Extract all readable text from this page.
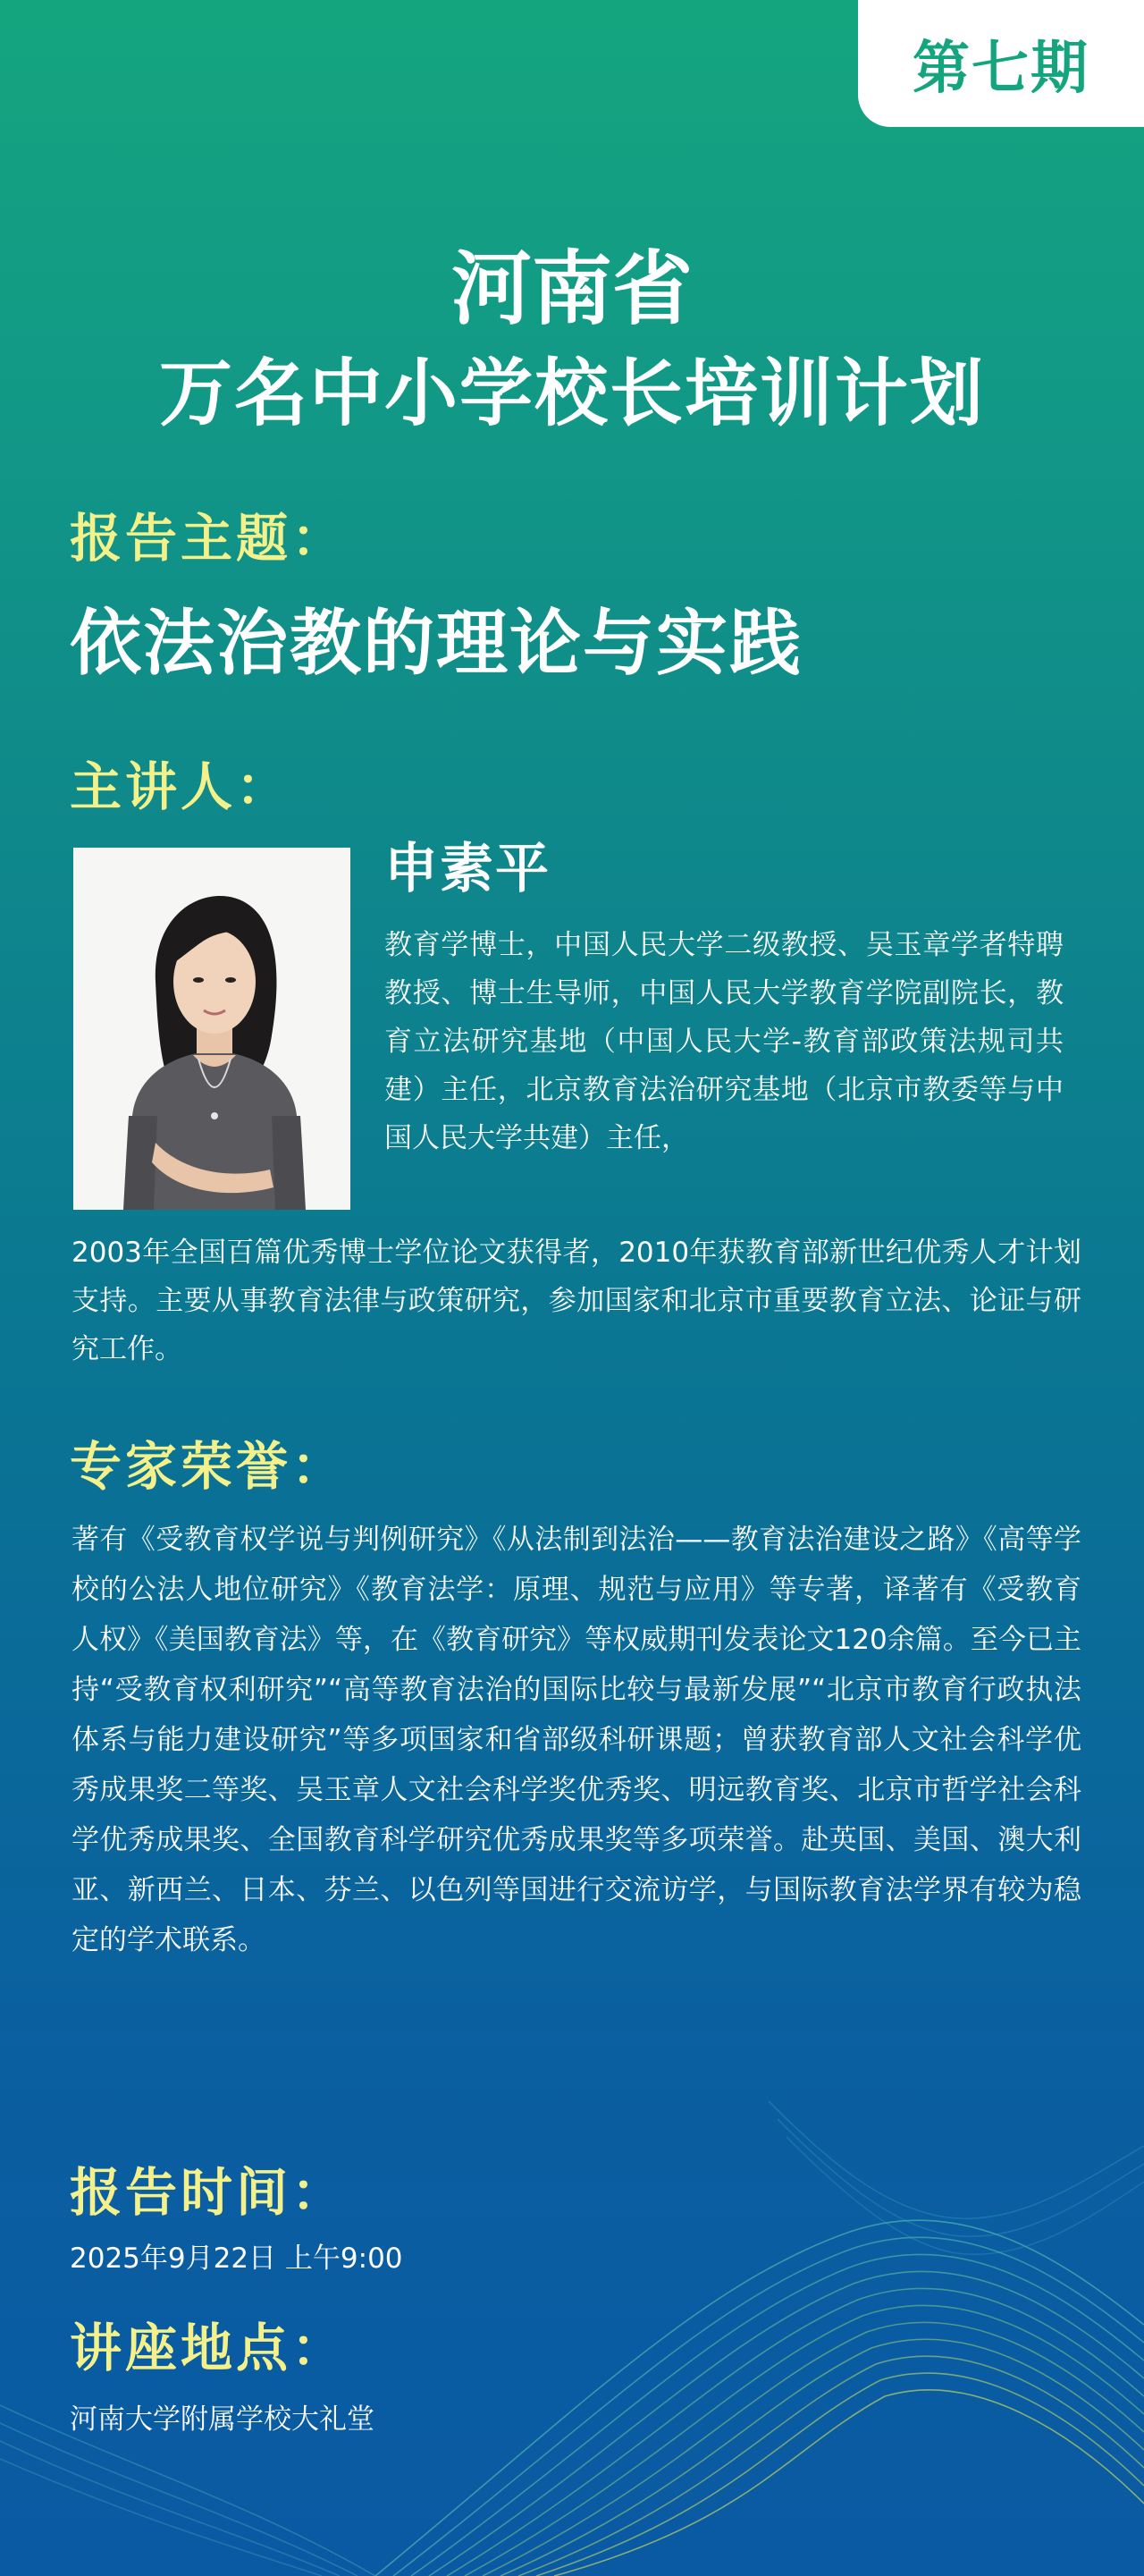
第七期
河南省
万名中小学校长培训计划
报告主题：
依法治教的理论与实践
主讲人：
申素平
教育学博士，中国人民大学二级教授、吴玉章学者特聘教授、博士生导师，中国人民大学教育学院副院长，教育立法研究基地（中国人民大学-教育部政策法规司共建）主任，北京教育法治研究基地（北京市教委等与中国人民大学共建）主任，
2003年全国百篇优秀博士学位论文获得者，2010年获教育部新世纪优秀人才计划支持。主要从事教育法律与政策研究，参加国家和北京市重要教育立法、论证与研究工作。
专家荣誉：
著有《受教育权学说与判例研究》《从法制到法治——教育法治建设之路》《高等学校的公法人地位研究》《教育法学：原理、规范与应用》等专著，译著有《受教育人权》《美国教育法》等，在《教育研究》等权威期刊发表论文120余篇。至今已主持“受教育权利研究”“高等教育法治的国际比较与最新发展”“北京市教育行政执法体系与能力建设研究”等多项国家和省部级科研课题；曾获教育部人文社会科学优秀成果奖二等奖、吴玉章人文社会科学奖优秀奖、明远教育奖、北京市哲学社会科学优秀成果奖、全国教育科学研究优秀成果奖等多项荣誉。赴英国、美国、澳大利亚、新西兰、日本、芬兰、以色列等国进行交流访学，与国际教育法学界有较为稳定的学术联系。
报告时间：
2025年9月22日 上午9:00
讲座地点：
河南大学附属学校大礼堂
